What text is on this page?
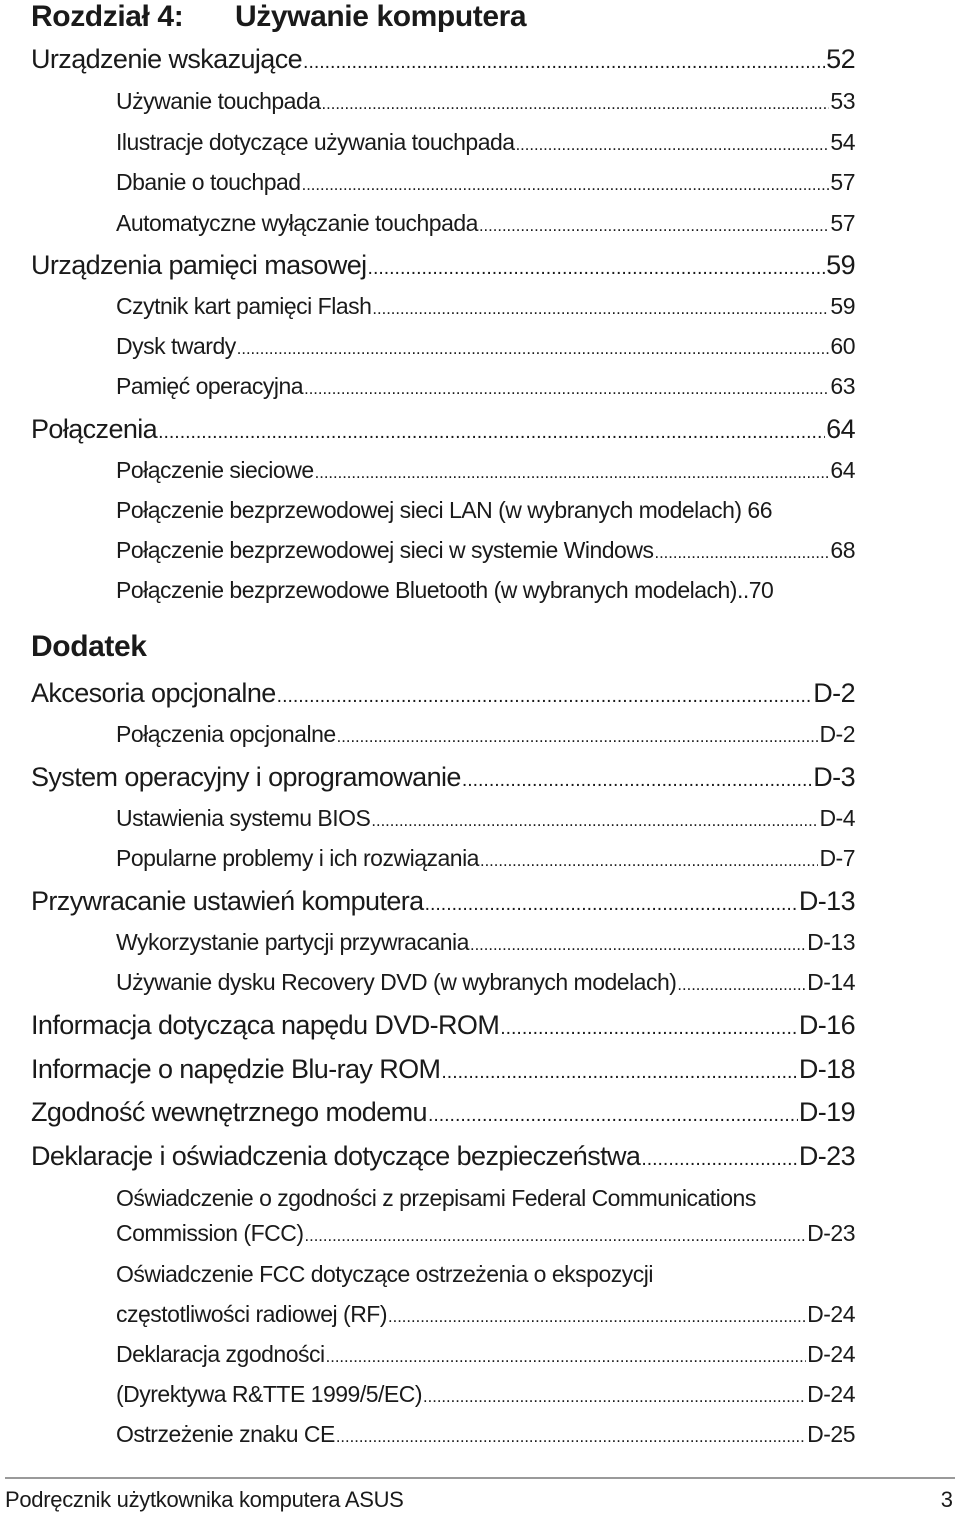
Rozdział 4: Używanie komputera
Urządzenie wskazujące .....	52
Używanie touchpada .....	53
Ilustracje dotyczące używania touchpada .....	54
Dbanie o touchpad .....	57
Automatyczne wyłączanie touchpada .....	57
Urządzenia pamięci masowej .....	59
Czytnik kart pamięci Flash .....	59
Dysk twardy .....	60
Pamięć operacyjna .....	63
Połączenia .....	64
Połączenie sieciowe .....	64
Połączenie bezprzewodowej sieci LAN (w wybranych modelach) 66
Połączenie bezprzewodowej sieci w systemie Windows .....	68
Połączenie bezprzewodowe Bluetooth (w wybranych modelach)..70
Dodatek
Akcesoria opcjonalne .....	D-2
Połączenia opcjonalne .....	D-2
System operacyjny i oprogramowanie .....	D-3
Ustawienia systemu BIOS .....	D-4
Popularne problemy i ich rozwiązania .....	D-7
Przywracanie ustawień komputera .....	D-13
Wykorzystanie partycji przywracania .....	D-13
Używanie dysku Recovery DVD (w wybranych modelach) .....	D-14
Informacja dotycząca napędu DVD-ROM .....	D-16
Informacje o napędzie Blu-ray ROM .....	D-18
Zgodność wewnętrznego modemu .....	D-19
Deklaracje i oświadczenia dotyczące bezpieczeństwa .....	D-23
Oświadczenie o zgodności z przepisami Federal Communications
Commission (FCC) .....	D-23
Oświadczenie FCC dotyczące ostrzeżenia o ekspozycji
częstotliwości radiowej (RF) .....	D-24
Deklaracja zgodności .....	D-24
(Dyrektywa R&TTE 1999/5/EC) .....	D-24
Ostrzeżenie znaku CE .....	D-25
Podręcznik użytkownika komputera ASUS	3
